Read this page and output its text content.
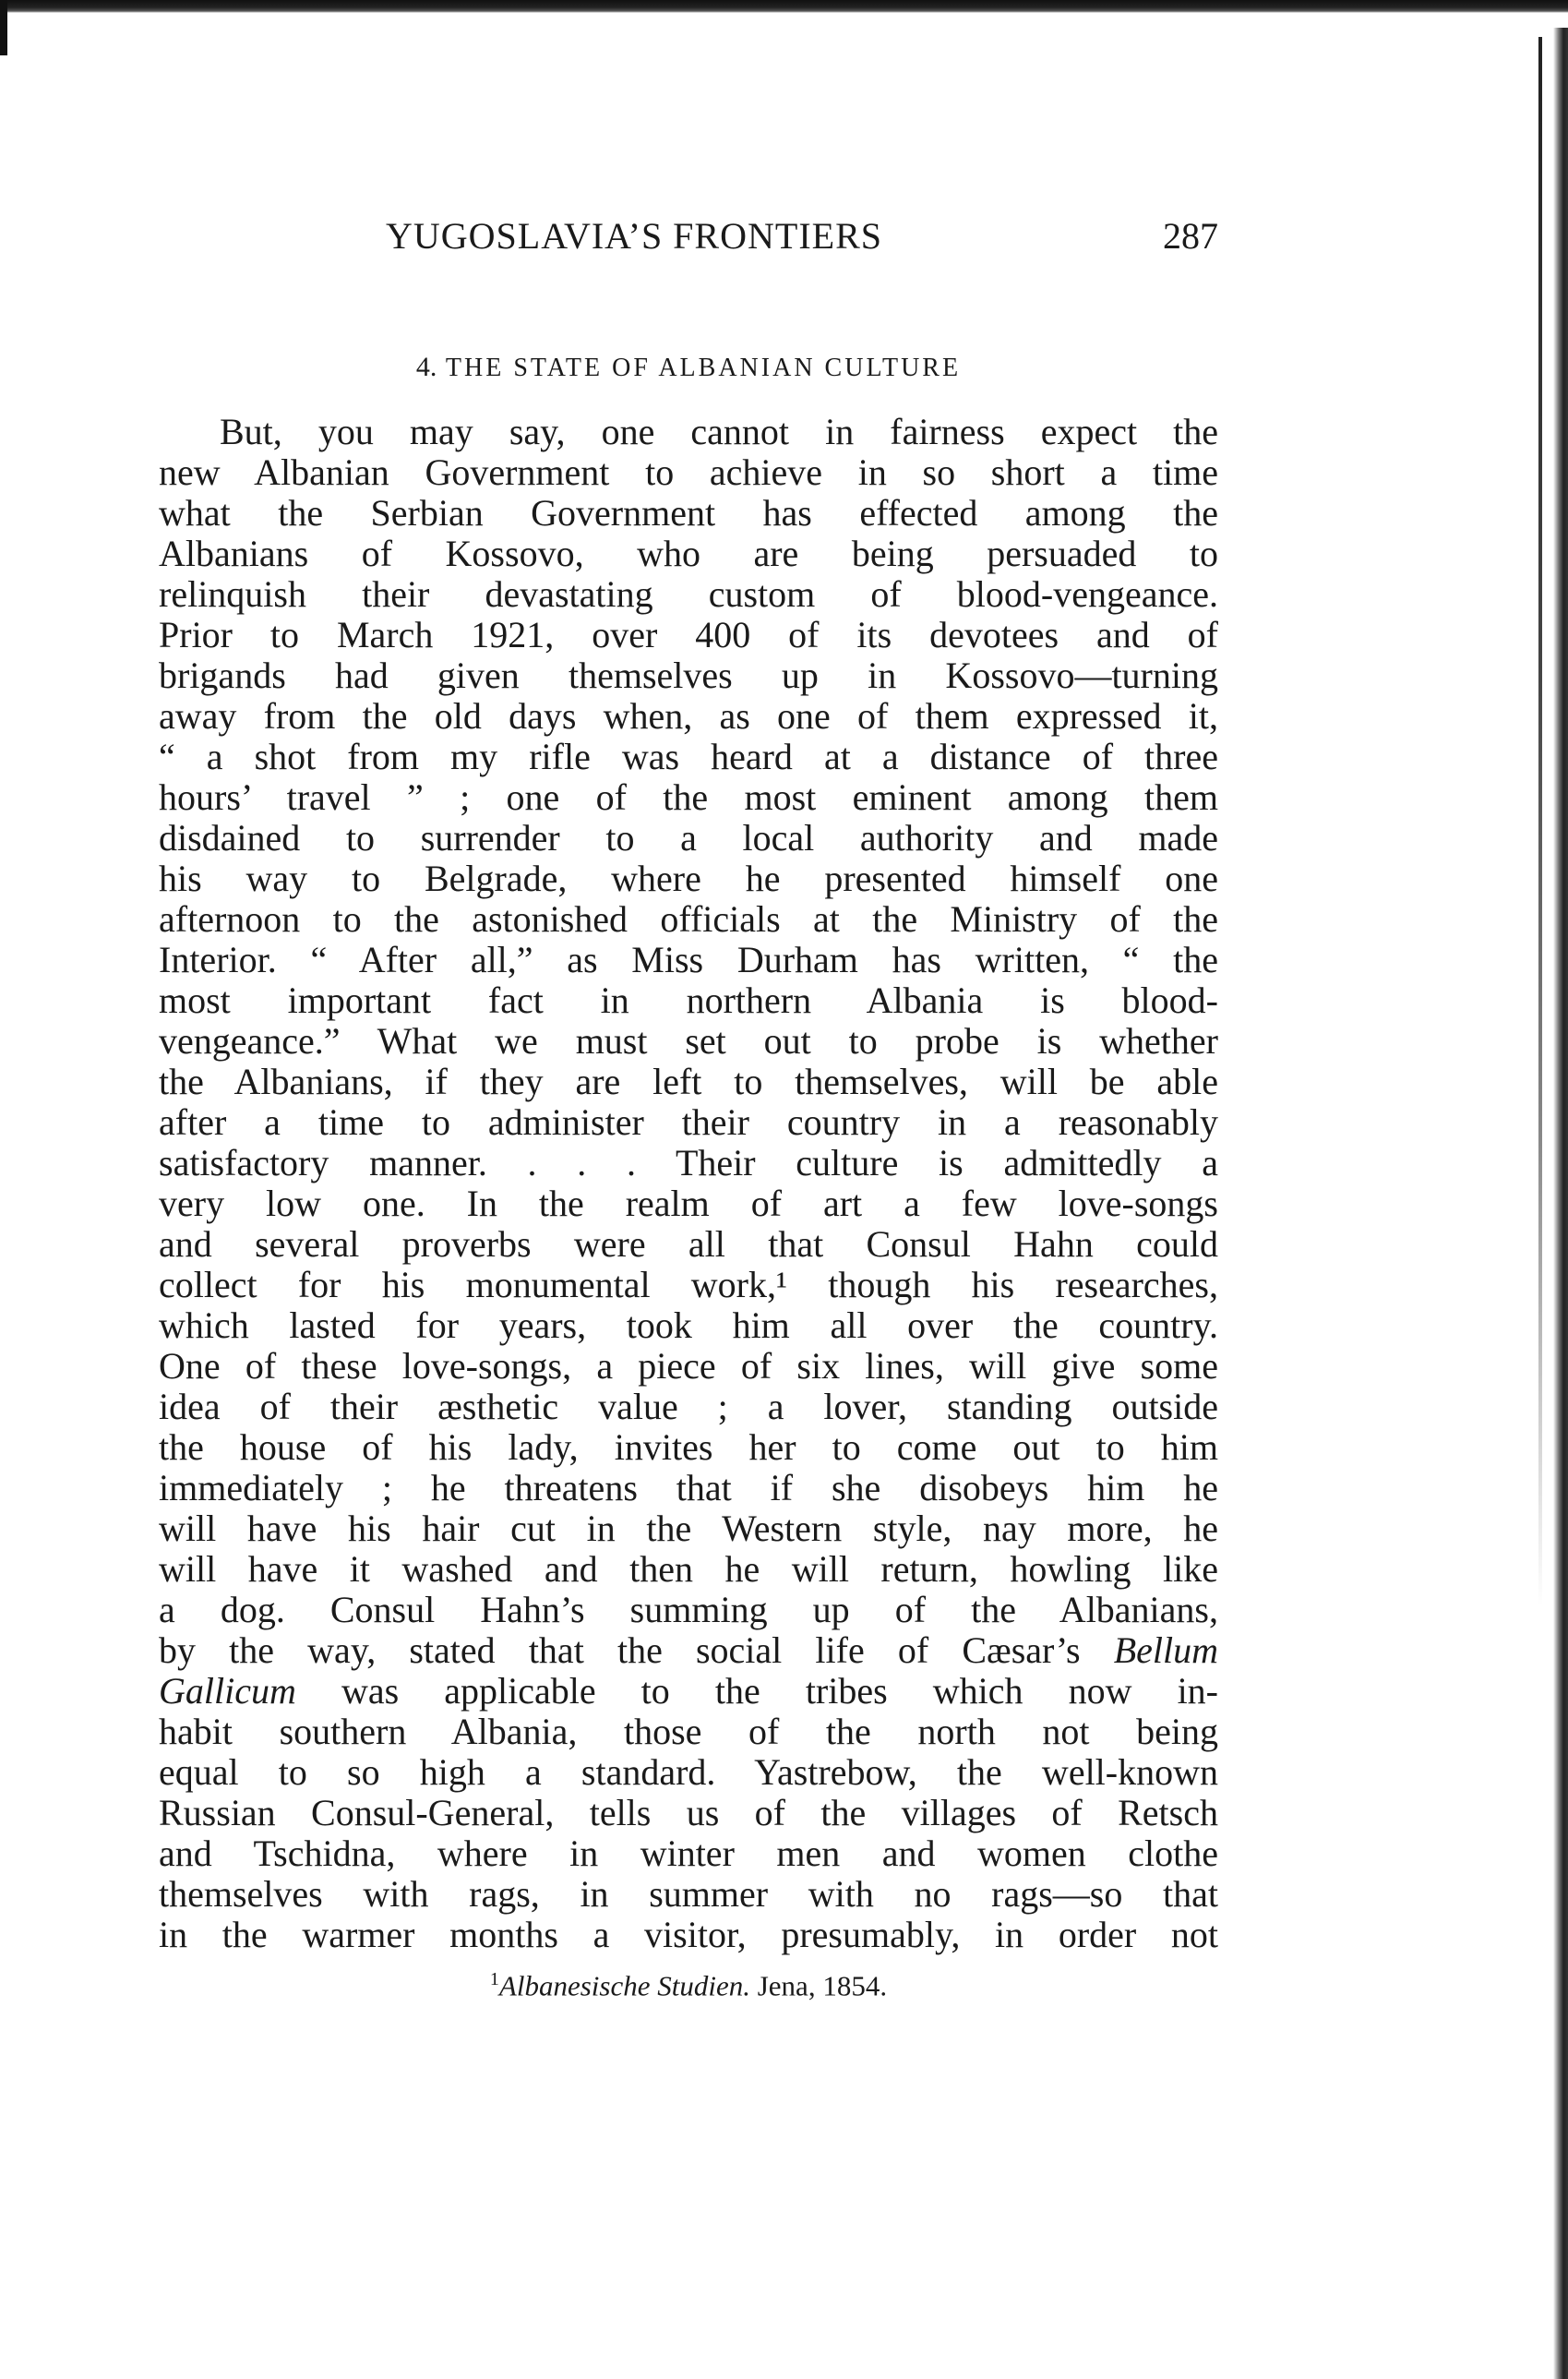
YUGOSLAVIA’S FRONTIERS	287
4. THE STATE OF ALBANIAN CULTURE
But, you may say, one cannot in fairness expect the
new Albanian Government to achieve in so short a time
what the Serbian Government has effected among the
Albanians of Kossovo, who are being persuaded to
relinquish their devastating custom of blood-vengeance.
Prior to March 1921, over 400 of its devotees and of
brigands had given themselves up in Kossovo—turning
away from the old days when, as one of them expressed it,
“ a shot from my rifle was heard at a distance of three
hours’ travel ” ; one of the most eminent among them
disdained to surrender to a local authority and made
his way to Belgrade, where he presented himself one
afternoon to the astonished officials at the Ministry of the
Interior. “ After all,” as Miss Durham has written, “ the
most important fact in northern Albania is blood-
vengeance.” What we must set out to probe is whether
the Albanians, if they are left to themselves, will be able
after a time to administer their country in a reasonably
satisfactory manner. . . . Their culture is admittedly a
very low one. In the realm of art a few love-songs
and several proverbs were all that Consul Hahn could
collect for his monumental work,¹ though his researches,
which lasted for years, took him all over the country.
One of these love-songs, a piece of six lines, will give some
idea of their æsthetic value ; a lover, standing outside
the house of his lady, invites her to come out to him
immediately ; he threatens that if she disobeys him he
will have his hair cut in the Western style, nay more, he
will have it washed and then he will return, howling like
a dog. Consul Hahn’s summing up of the Albanians,
by the way, stated that the social life of Cæsar’s Bellum
Gallicum was applicable to the tribes which now in-
habit southern Albania, those of the north not being
equal to so high a standard. Yastrebow, the well-known
Russian Consul-General, tells us of the villages of Retsch
and Tschidna, where in winter men and women clothe
themselves with rags, in summer with no rags—so that
in the warmer months a visitor, presumably, in order not
$^1$Albanesische Studien. Jena, 1854.
